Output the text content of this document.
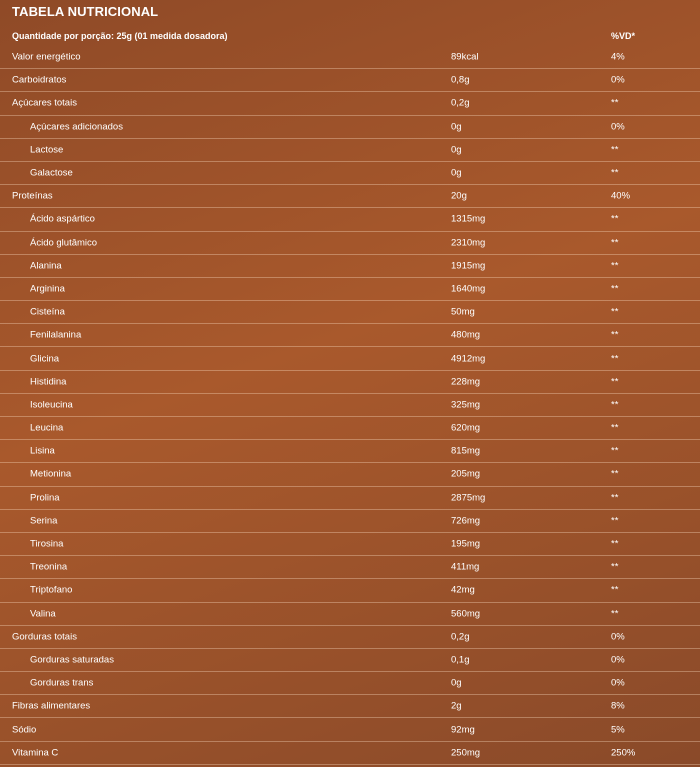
TABELA NUTRICIONAL
Quantidade por porção: 25g (01 medida dosadora)	%VD*
Valor energético	89kcal	4%
Carboidratos	0,8g	0%
Açúcares totais	0,2g	**
Açúcares adicionados	0g	0%
Lactose	0g	**
Galactose	0g	**
Proteínas	20g	40%
Ácido aspártico	1315mg	**
Ácido glutâmico	2310mg	**
Alanina	1915mg	**
Arginina	1640mg	**
Cisteína	50mg	**
Fenilalanina	480mg	**
Glicina	4912mg	**
Histidina	228mg	**
Isoleucina	325mg	**
Leucina	620mg	**
Lisina	815mg	**
Metionina	205mg	**
Prolina	2875mg	**
Serina	726mg	**
Tirosina	195mg	**
Treonina	411mg	**
Triptofano	42mg	**
Valina	560mg	**
Gorduras totais	0,2g	0%
Gorduras saturadas	0,1g	0%
Gorduras trans	0g	0%
Fibras alimentares	2g	8%
Sódio	92mg	5%
Vitamina C	250mg	250%
